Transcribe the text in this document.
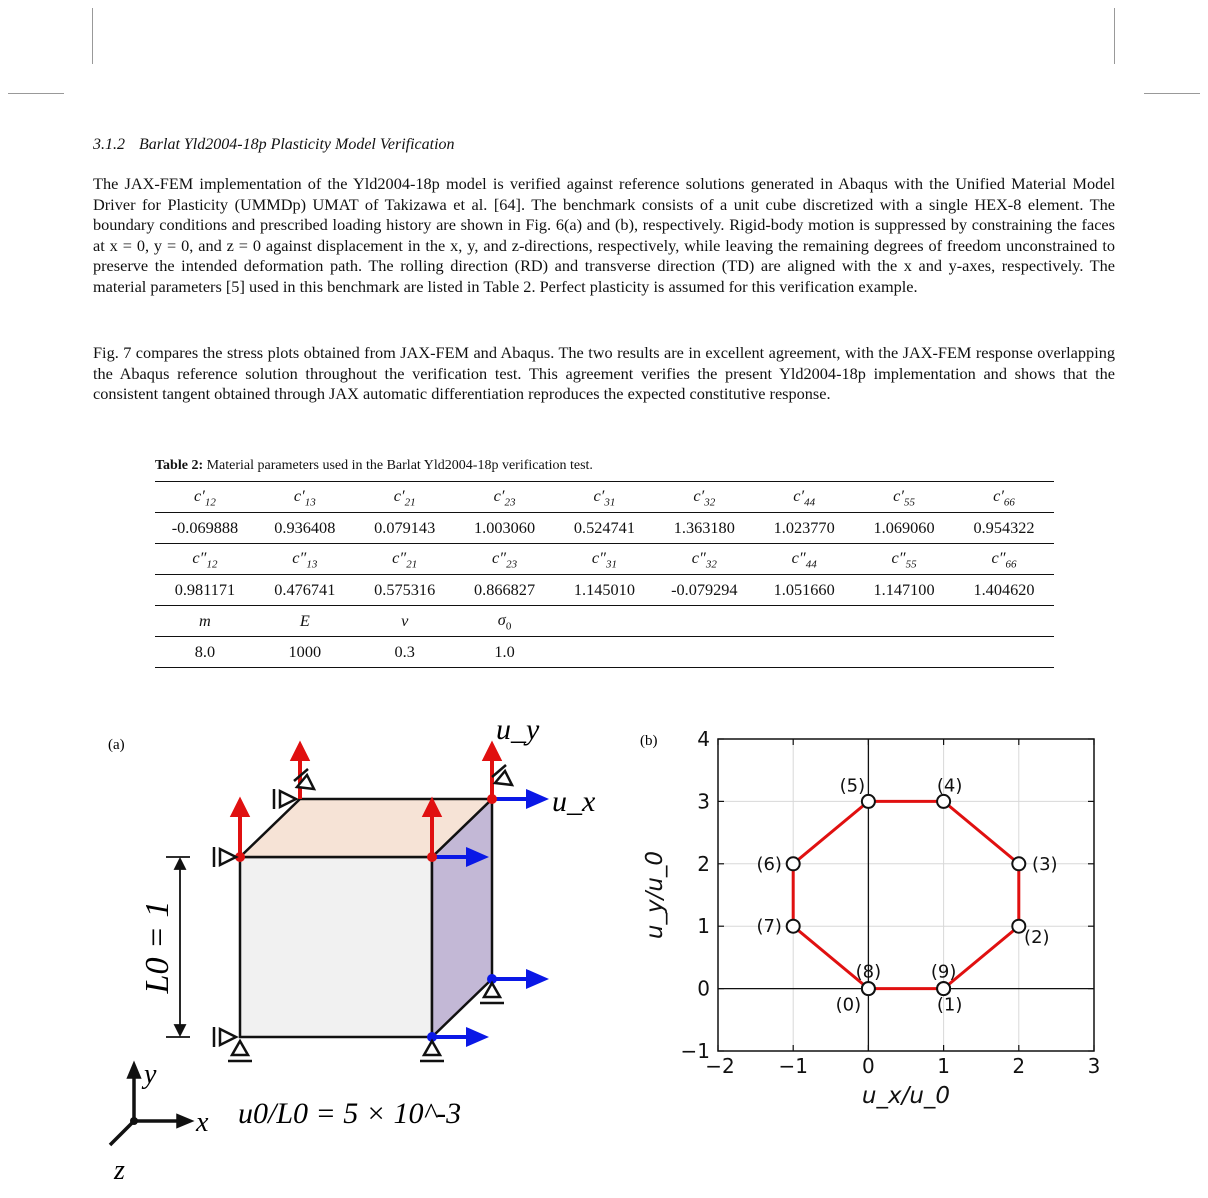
3.1.2 Barlat Yld2004-18p Plasticity Model Verification
The JAX-FEM implementation of the Yld2004-18p model is verified against reference solutions generated in Abaqus with the Unified Material Model Driver for Plasticity (UMMDp) UMAT of Takizawa et al. [64]. The benchmark consists of a unit cube discretized with a single HEX-8 element. The boundary conditions and prescribed loading history are shown in Fig. 6(a) and (b), respectively. Rigid-body motion is suppressed by constraining the faces at x = 0, y = 0, and z = 0 against displacement in the x, y, and z-directions, respectively, while leaving the remaining degrees of freedom unconstrained to preserve the intended deformation path. The rolling direction (RD) and transverse direction (TD) are aligned with the x and y-axes, respectively. The material parameters [5] used in this benchmark are listed in Table 2. Perfect plasticity is assumed for this verification example.
Fig. 7 compares the stress plots obtained from JAX-FEM and Abaqus. The two results are in excellent agreement, with the JAX-FEM response overlapping the Abaqus reference solution throughout the verification test. This agreement verifies the present Yld2004-18p implementation and shows that the consistent tangent obtained through JAX automatic differentiation reproduces the expected constitutive response.
Table 2: Material parameters used in the Barlat Yld2004-18p verification test.
$c'_{12}$	$c'_{13}$	$c'_{21}$	$c'_{23}$	$c'_{31}$	$c'_{32}$	$c'_{44}$	$c'_{55}$	$c'_{66}$
-0.069888	0.936408	0.079143	1.003060	0.524741	1.363180	1.023770	1.069060	0.954322
$c''_{12}$	$c''_{13}$	$c''_{21}$	$c''_{23}$	$c''_{31}$	$c''_{32}$	$c''_{44}$	$c''_{55}$	$c''_{66}$
0.981171	0.476741	0.575316	0.866827	1.145010	-0.079294	1.051660	1.147100	1.404620
m	E	ν	$\sigma_0$					
8.0	1000	0.3	1.0					
(a)
L0 = 1
u_y
u_x
y
x
z
u0/L0 = 5 × 10^-3
(b)
−2 −1	0	1	2	3
−1
0
1
2
3
4
u_x/u_0
u_y/u_0
(0)	(1)
(2)
(3)
(4)
(5)
(6)
(7)
(8)	(9)
